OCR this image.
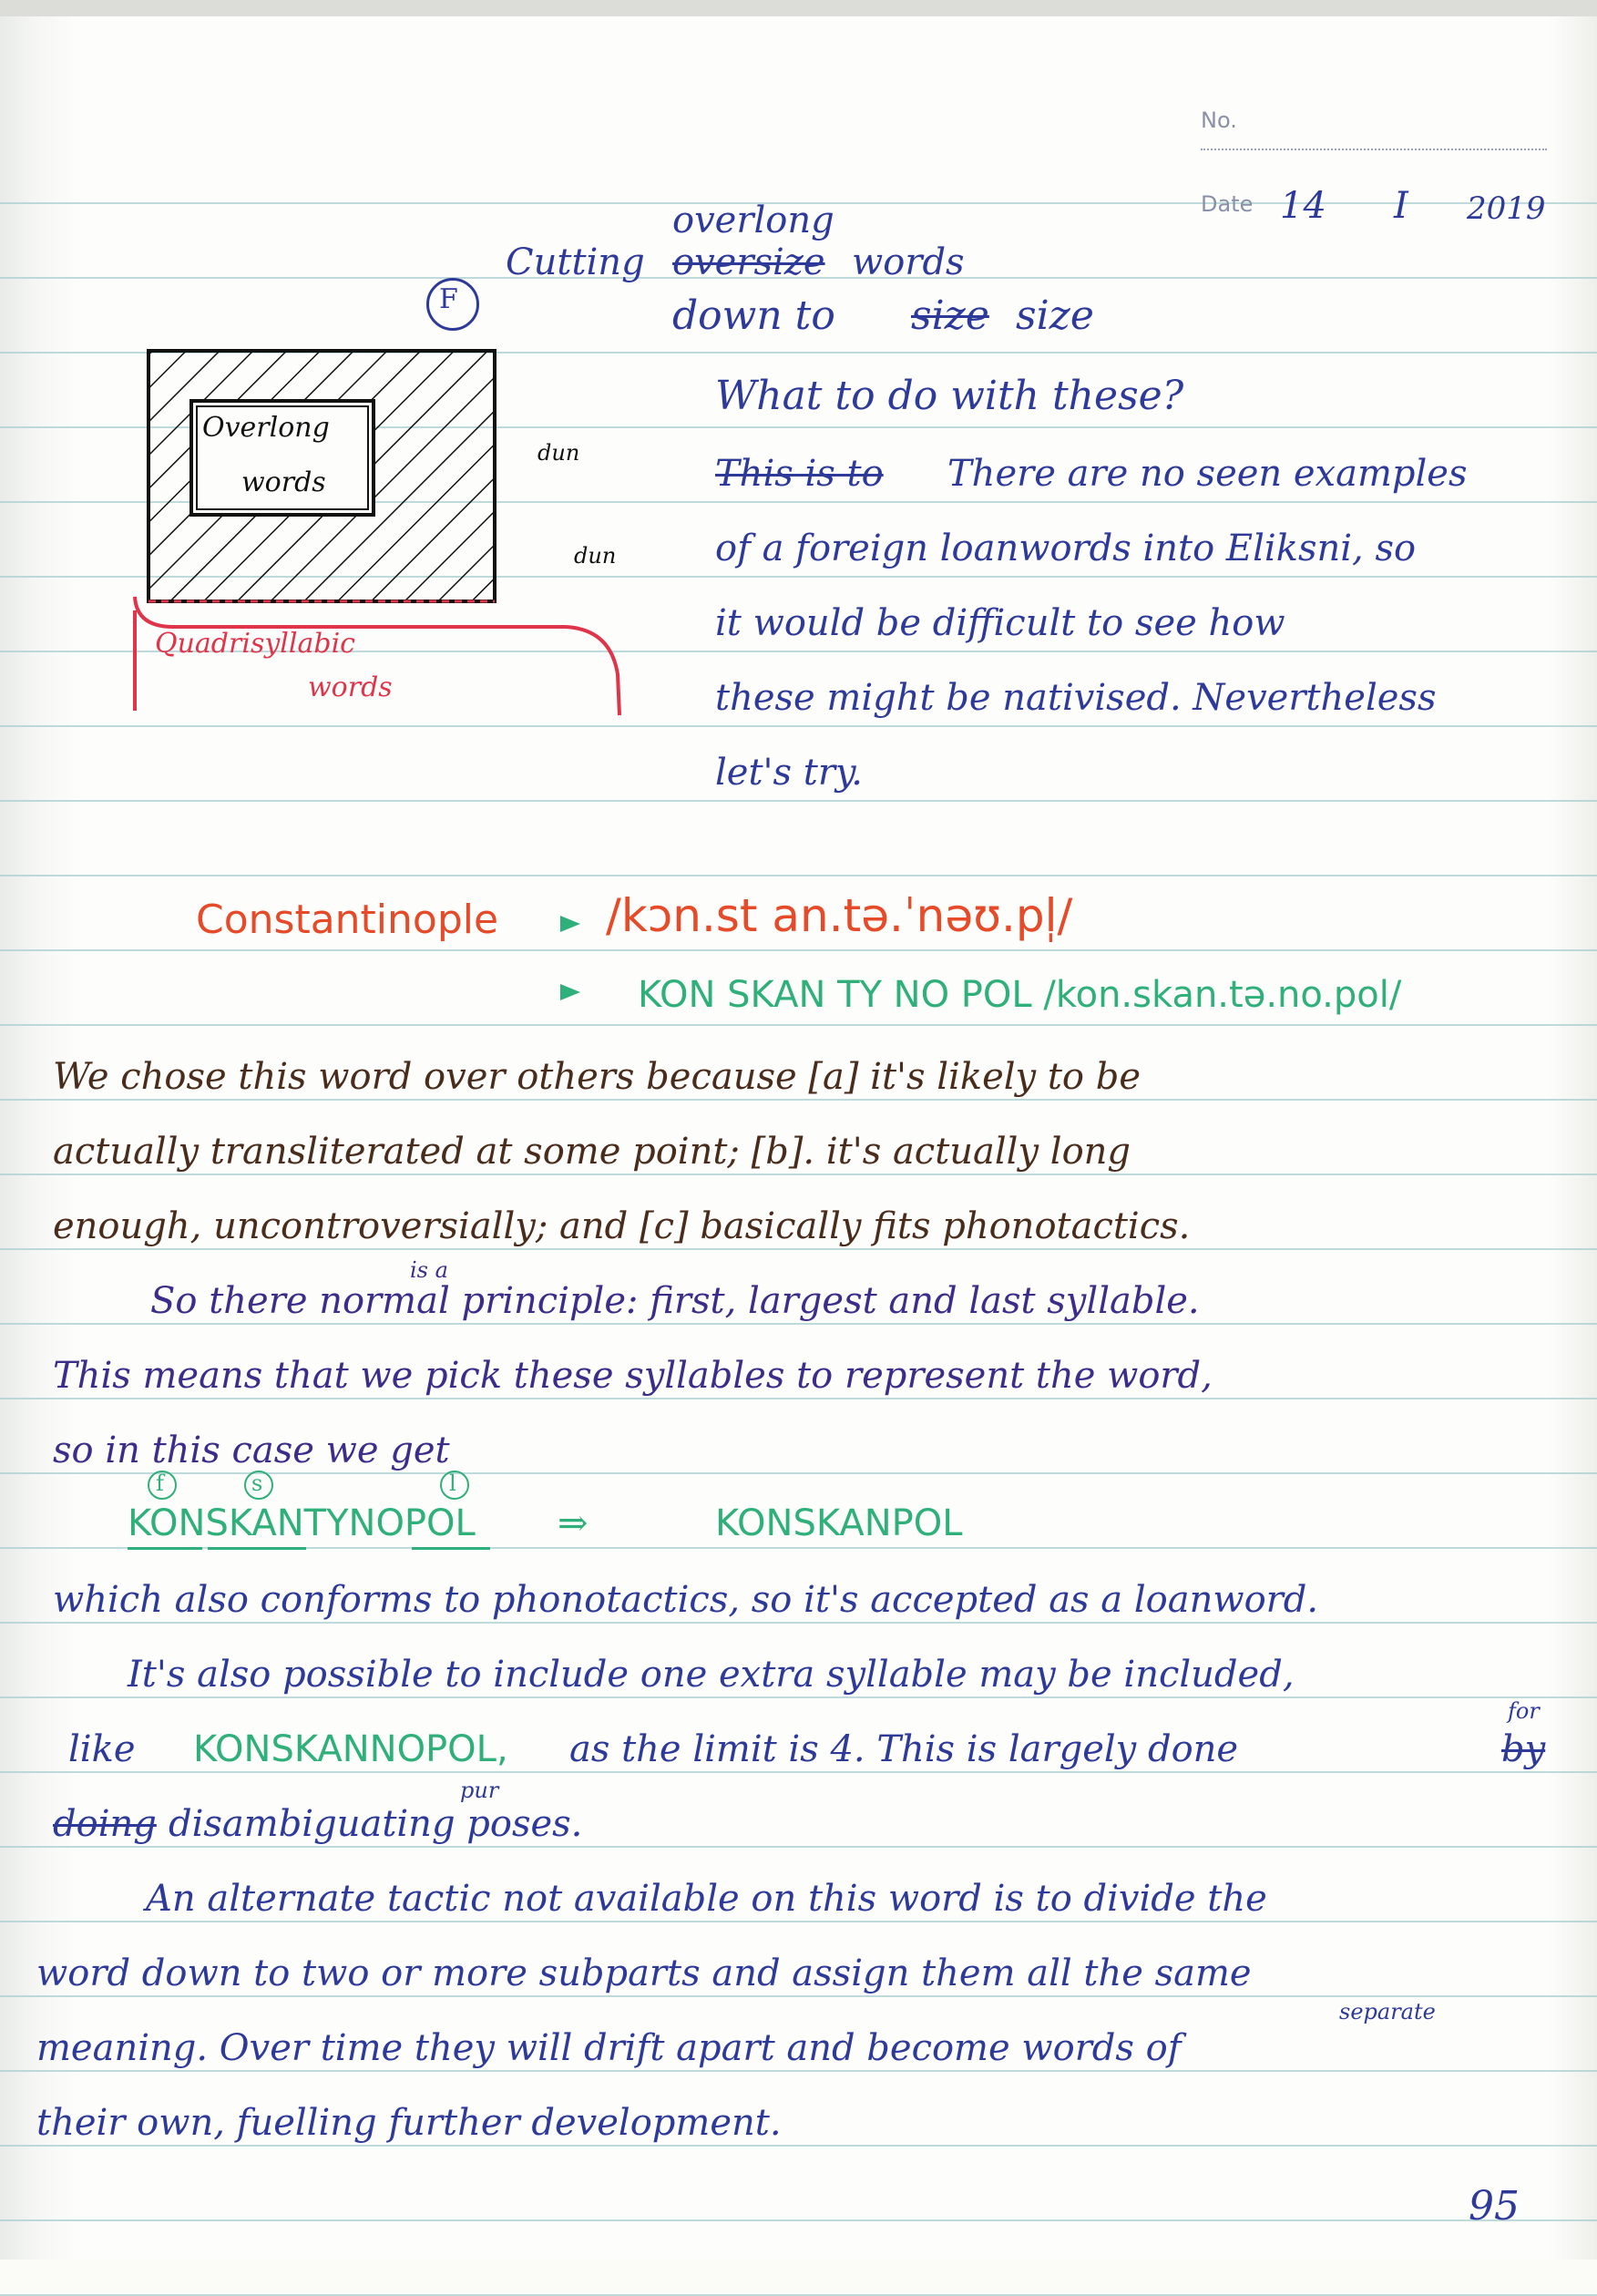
No.
Date 14 I 2019
F
Cutting
overlong
oversize words
down to size size
Overlong
words
dun
dun
Quadrisyllabic
words
What to do with these?
This is to There are no seen examples
of a foreign loanwords into Eliksni, so
it would be difficult to see how
these might be nativised. Nevertheless
let's try.
Constantinople /kɔn.st an.tə.ˈnəʊ.pl̩/
KON SKAN TY NO POL /kon.skan.tə.no.pol/
We chose this word over others because [a] it's likely to be
actually transliterated at some point; [b]. it's actually long
enough, uncontroversially; and [c] basically fits phonotactics.
is a
So there normal principle: first, largest and last syllable.
This means that we pick these syllables to represent the word,
so in this case we get
f	s	l
KONSKANTYNOPOL ⇒	KONSKANPOL
which also conforms to phonotactics, so it's accepted as a loanword.
It's also possible to include one extra syllable may be included,
for
like KONSKANNOPOL, as the limit is 4. This is largely done	by
pur
doing disambiguating poses.
An alternate tactic not available on this word is to divide the
word down to two or more subparts and assign them all the same
separate
meaning. Over time they will drift apart and become words of
their own, fuelling further development.
95
